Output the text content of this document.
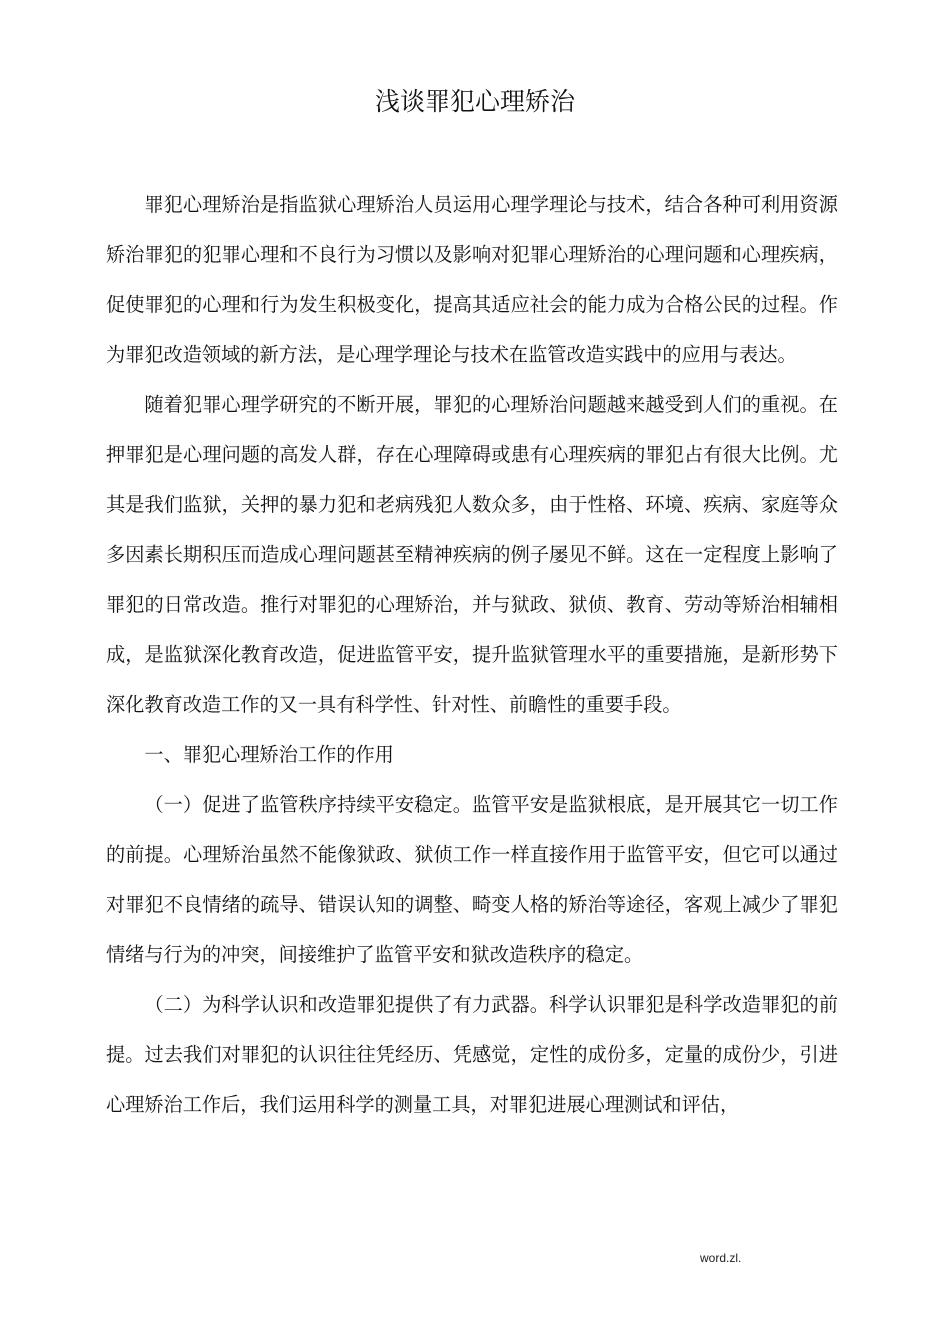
浅谈罪犯心理矫治

罪犯心理矫治是指监狱心理矫治人员运用心理学理论与技术，结合各种可利用资源矫治罪犯的犯罪心理和不良行为习惯以及影响对犯罪心理矫治的心理问题和心理疾病，促使罪犯的心理和行为发生积极变化，提高其适应社会的能力成为合格公民的过程。作为罪犯改造领域的新方法，是心理学理论与技术在监管改造实践中的应用与表达。

随着犯罪心理学研究的不断开展，罪犯的心理矫治问题越来越受到人们的重视。在押罪犯是心理问题的高发人群，存在心理障碍或患有心理疾病的罪犯占有很大比例。尤其是我们监狱，关押的暴力犯和老病残犯人数众多，由于性格、环境、疾病、家庭等众多因素长期积压而造成心理问题甚至精神疾病的例子屡见不鲜。这在一定程度上影响了罪犯的日常改造。推行对罪犯的心理矫治，并与狱政、狱侦、教育、劳动等矫治相辅相成，是监狱深化教育改造，促进监管平安，提升监狱管理水平的重要措施，是新形势下深化教育改造工作的又一具有科学性、针对性、前瞻性的重要手段。

一、罪犯心理矫治工作的作用

（一）促进了监管秩序持续平安稳定。监管平安是监狱根底，是开展其它一切工作的前提。心理矫治虽然不能像狱政、狱侦工作一样直接作用于监管平安，但它可以通过对罪犯不良情绪的疏导、错误认知的调整、畸变人格的矫治等途径，客观上减少了罪犯情绪与行为的冲突，间接维护了监管平安和狱改造秩序的稳定。

（二）为科学认识和改造罪犯提供了有力武器。科学认识罪犯是科学改造罪犯的前提。过去我们对罪犯的认识往往凭经历、凭感觉，定性的成份多，定量的成份少，引进心理矫治工作后，我们运用科学的测量工具，对罪犯进展心理测试和评估，

word.zl.
